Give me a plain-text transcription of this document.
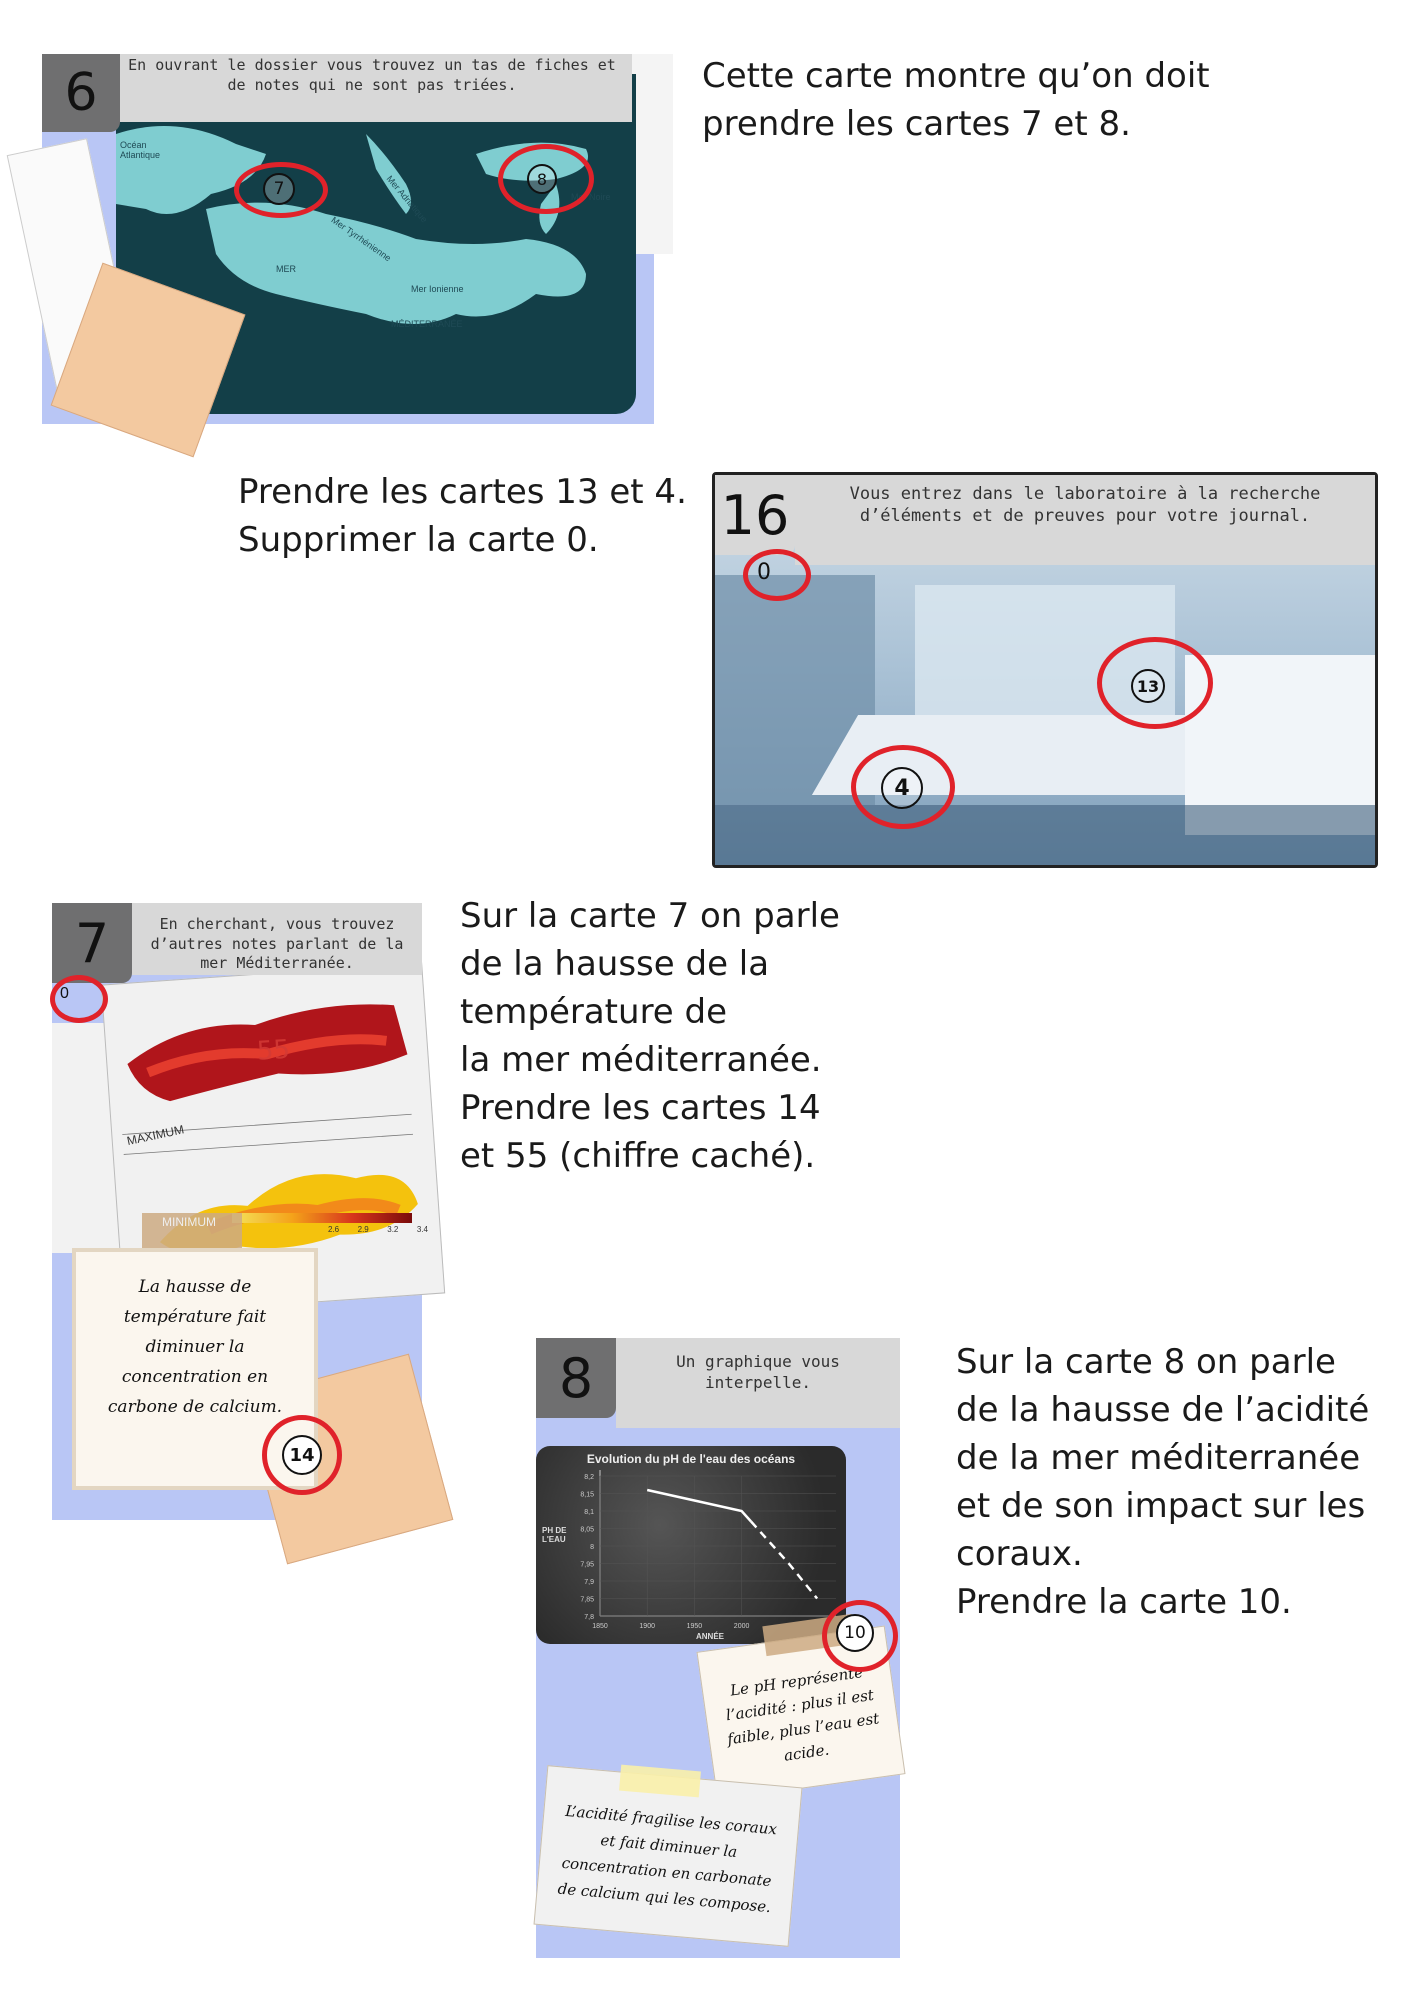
Océan Atlantique
MER
MÉDITERRANÉE
Mer Adriatique
Mer Tyrrhénienne
Mer Ionienne
Mer Noire
En ouvrant le dossier vous trouvez un tas de fiches et de notes qui ne sont pas triées.
6
7	8
Cette carte montre qu’on doit
prendre les cartes 7 et 8.
Prendre les cartes 13 et 4.
Supprimer la carte 0.
Vous entrez dans le laboratoire à la recherche d’éléments et de preuves pour votre journal.
16
0
13
4
MAXIMUM
55
2.6 2.9 3.2 3.4
MINIMUM
La hausse de température fait diminuer la concentration en carbone de calcium.
En cherchant, vous trouvez d’autres notes parlant de la mer Méditerranée.
7
0
14
Sur la carte 7 on parle
de la hausse de la
température de
la mer méditerranée.
Prendre les cartes 14
et 55 (chiffre caché).
Un graphique vous interpelle.
8
Evolution du pH de l'eau des océans
PH DE L'EAU
ANNÉE
8,2
8,15
8,1
8,05
8
7,95
7,9
7,85
7,8
1850	1900	1950	2000
Le pH représente l’acidité : plus il est faible, plus l’eau est acide.
L’acidité fragilise les coraux et fait diminuer la concentration en carbonate de calcium qui les compose.
10
Sur la carte 8 on parle
de la hausse de l’acidité
de la mer méditerranée
et de son impact sur les
coraux.
Prendre la carte 10.
